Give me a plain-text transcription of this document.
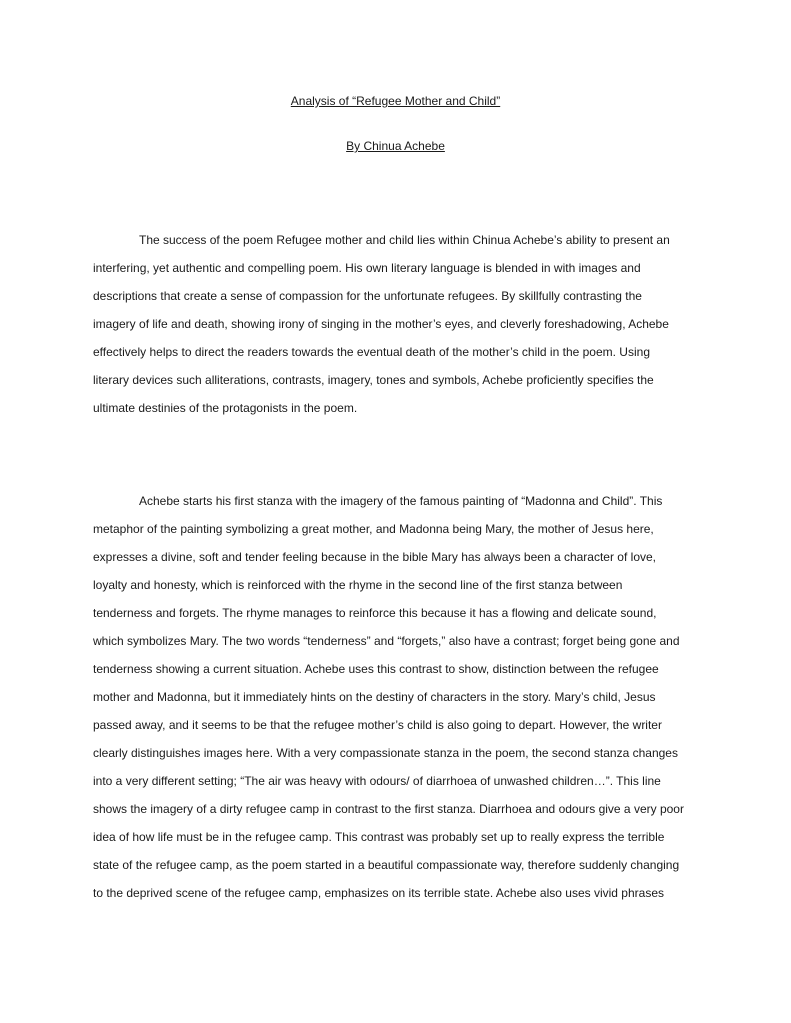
Analysis of “Refugee Mother and Child”
By Chinua Achebe
The success of the poem Refugee mother and child lies within Chinua Achebe’s ability to present an
interfering, yet authentic and compelling poem. His own literary language is blended in with images and
descriptions that create a sense of compassion for the unfortunate refugees. By skillfully contrasting the
imagery of life and death, showing irony of singing in the mother’s eyes, and cleverly foreshadowing, Achebe
effectively helps to direct the readers towards the eventual death of the mother’s child in the poem. Using
literary devices such alliterations, contrasts, imagery, tones and symbols, Achebe proficiently specifies the
ultimate destinies of the protagonists in the poem.
Achebe starts his first stanza with the imagery of the famous painting of “Madonna and Child”. This
metaphor of the painting symbolizing a great mother, and Madonna being Mary, the mother of Jesus here,
expresses a divine, soft and tender feeling because in the bible Mary has always been a character of love,
loyalty and honesty, which is reinforced with the rhyme in the second line of the first stanza between
tenderness and forgets. The rhyme manages to reinforce this because it has a flowing and delicate sound,
which symbolizes Mary. The two words “tenderness” and “forgets,” also have a contrast; forget being gone and
tenderness showing a current situation. Achebe uses this contrast to show, distinction between the refugee
mother and Madonna, but it immediately hints on the destiny of characters in the story. Mary’s child, Jesus
passed away, and it seems to be that the refugee mother’s child is also going to depart. However, the writer
clearly distinguishes images here. With a very compassionate stanza in the poem, the second stanza changes
into a very different setting; “The air was heavy with odours/ of diarrhoea of unwashed children…”. This line
shows the imagery of a dirty refugee camp in contrast to the first stanza. Diarrhoea and odours give a very poor
idea of how life must be in the refugee camp. This contrast was probably set up to really express the terrible
state of the refugee camp, as the poem started in a beautiful compassionate way, therefore suddenly changing
to the deprived scene of the refugee camp, emphasizes on its terrible state. Achebe also uses vivid phrases
